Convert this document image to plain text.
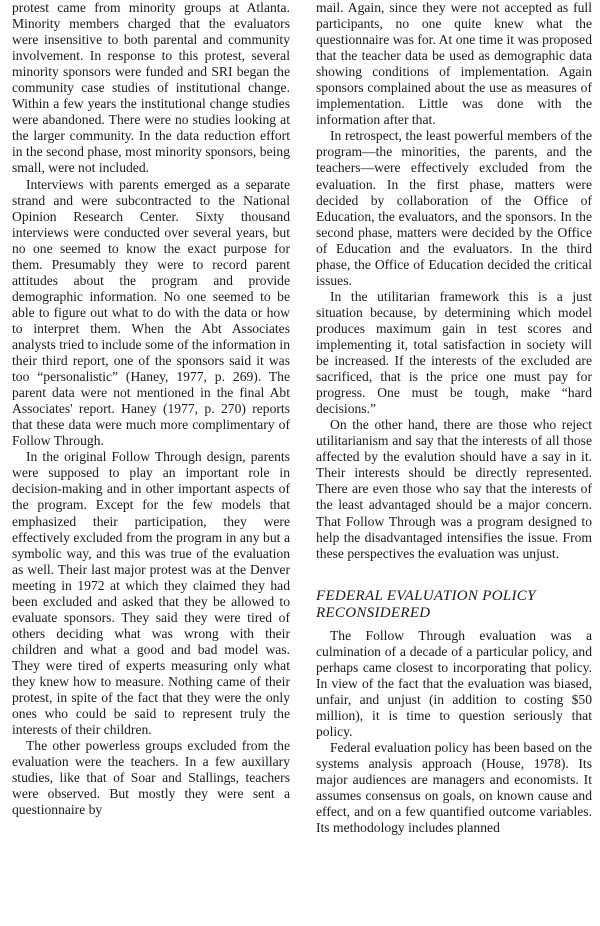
protest came from minority groups at Atlanta. Minority members charged that the evaluators were insensitive to both parental and community involvement. In response to this protest, several minority sponsors were funded and SRI began the community case studies of institutional change. Within a few years the institutional change studies were abandoned. There were no studies looking at the larger community. In the data reduction effort in the second phase, most minority sponsors, being small, were not included.

Interviews with parents emerged as a separate strand and were subcontracted to the National Opinion Research Center. Sixty thousand interviews were conducted over several years, but no one seemed to know the exact purpose for them. Presumably they were to record parent attitudes about the program and provide demographic information. No one seemed to be able to figure out what to do with the data or how to interpret them. When the Abt Associates analysts tried to include some of the information in their third report, one of the sponsors said it was too “personalistic” (Haney, 1977, p. 269). The parent data were not mentioned in the final Abt Associates' report. Haney (1977, p. 270) reports that these data were much more complimentary of Follow Through.

In the original Follow Through design, parents were supposed to play an important role in decision-making and in other important aspects of the program. Except for the few models that emphasized their participation, they were effectively excluded from the program in any but a symbolic way, and this was true of the evaluation as well. Their last major protest was at the Denver meeting in 1972 at which they claimed they had been excluded and asked that they be allowed to evaluate sponsors. They said they were tired of others deciding what was wrong with their children and what a good and bad model was. They were tired of experts measuring only what they knew how to measure. Nothing came of their protest, in spite of the fact that they were the only ones who could be said to represent truly the interests of their children.

The other powerless groups excluded from the evaluation were the teachers. In a few auxillary studies, like that of Soar and Stallings, teachers were observed. But mostly they were sent a questionnaire by

mail. Again, since they were not accepted as full participants, no one quite knew what the questionnaire was for. At one time it was proposed that the teacher data be used as demographic data showing conditions of implementation. Again sponsors complained about the use as measures of implementation. Little was done with the information after that.

In retrospect, the least powerful members of the program—the minorities, the parents, and the teachers—were effectively excluded from the evaluation. In the first phase, matters were decided by collaboration of the Office of Education, the evaluators, and the sponsors. In the second phase, matters were decided by the Office of Education and the evaluators. In the third phase, the Office of Education decided the critical issues.

In the utilitarian framework this is a just situation because, by determining which model produces maximum gain in test scores and implementing it, total satisfaction in society will be increased. If the interests of the excluded are sacrificed, that is the price one must pay for progress. One must be tough, make “hard decisions.”

On the other hand, there are those who reject utilitarianism and say that the interests of all those affected by the evalution should have a say in it. Their interests should be directly represented. There are even those who say that the interests of the least advantaged should be a major concern. That Follow Through was a program designed to help the disadvantaged intensifies the issue. From these perspectives the evaluation was unjust.

FEDERAL EVALUATION POLICY
RECONSIDERED

The Follow Through evaluation was a culmination of a decade of a particular policy, and perhaps came closest to incorporating that policy. In view of the fact that the evaluation was biased, unfair, and unjust (in addition to costing $50 million), it is time to question seriously that policy.

Federal evaluation policy has been based on the systems analysis approach (House, 1978). Its major audiences are managers and economists. It assumes consensus on goals, on known cause and effect, and on a few quantified outcome variables. Its methodology includes planned
